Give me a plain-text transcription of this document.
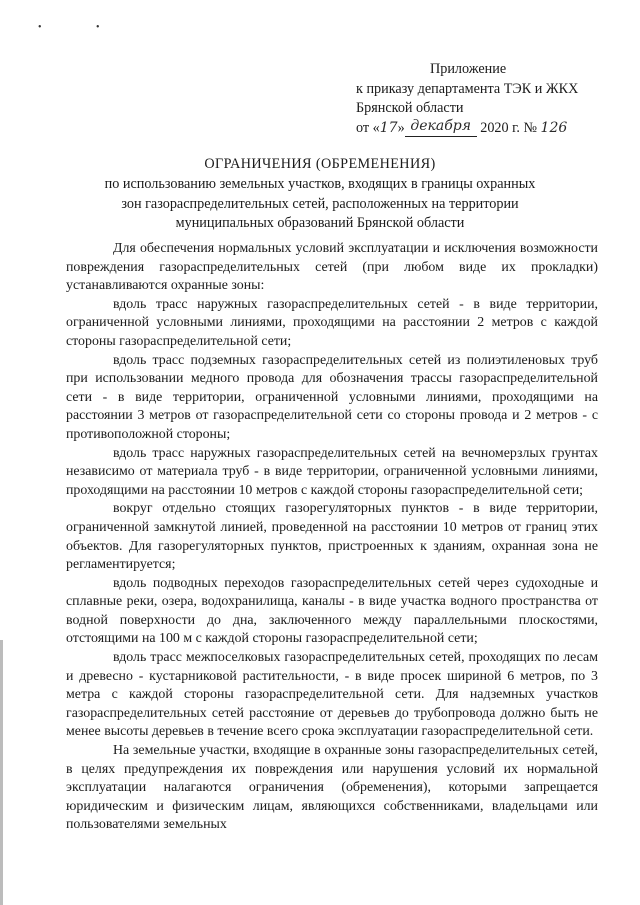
• •
Приложение
к приказу департамента ТЭК и ЖКХ
Брянской области
от «17» декабря 2020 г. № 126
ОГРАНИЧЕНИЯ (ОБРЕМЕНЕНИЯ)
по использованию земельных участков, входящих в границы охранных зон газораспределительных сетей, расположенных на территории муниципальных образований Брянской области

Для обеспечения нормальных условий эксплуатации и исключения возможности повреждения газораспределительных сетей (при любом виде их прокладки) устанавливаются охранные зоны:

вдоль трасс наружных газораспределительных сетей - в виде территории, ограниченной условными линиями, проходящими на расстоянии 2 метров с каждой стороны газораспределительной сети;

вдоль трасс подземных газораспределительных сетей из полиэтиленовых труб при использовании медного провода для обозначения трассы газораспределительной сети - в виде территории, ограниченной условными линиями, проходящими на расстоянии 3 метров от газораспределительной сети со стороны провода и 2 метров - с противоположной стороны;

вдоль трасс наружных газораспределительных сетей на вечномерзлых грунтах независимо от материала труб - в виде территории, ограниченной условными линиями, проходящими на расстоянии 10 метров с каждой стороны газораспределительной сети;

вокруг отдельно стоящих газорегуляторных пунктов - в виде территории, ограниченной замкнутой линией, проведенной на расстоянии 10 метров от границ этих объектов. Для газорегуляторных пунктов, пристроенных к зданиям, охранная зона не регламентируется;

вдоль подводных переходов газораспределительных сетей через судоходные и сплавные реки, озера, водохранилища, каналы - в виде участка водного пространства от водной поверхности до дна, заключенного между параллельными плоскостями, отстоящими на 100 м с каждой стороны газораспределительной сети;

вдоль трасс межпоселковых газораспределительных сетей, проходящих по лесам и древесно - кустарниковой растительности, - в виде просек шириной 6 метров, по 3 метра с каждой стороны газораспределительной сети. Для надземных участков газораспределительных сетей расстояние от деревьев до трубопровода должно быть не менее высоты деревьев в течение всего срока эксплуатации газораспределительной сети.

На земельные участки, входящие в охранные зоны газораспределительных сетей, в целях предупреждения их повреждения или нарушения условий их нормальной эксплуатации налагаются ограничения (обременения), которыми запрещается юридическим и физическим лицам, являющихся собственниками, владельцами или пользователями земельных
